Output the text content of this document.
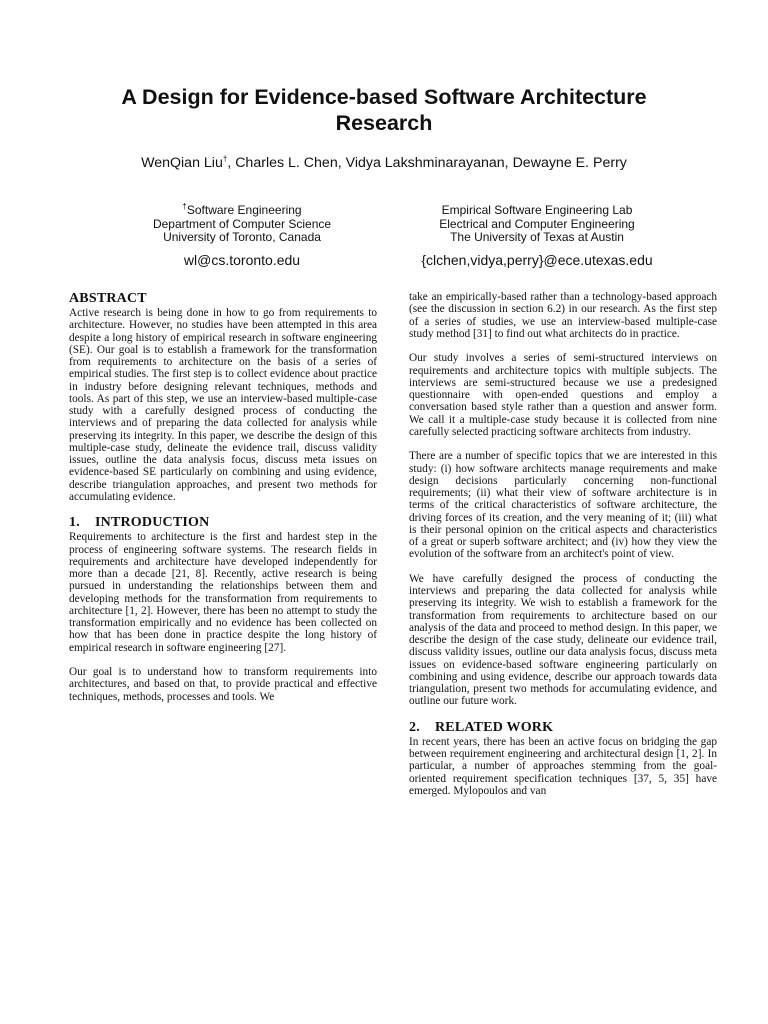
A Design for Evidence-based Software Architecture Research
WenQian Liu†, Charles L. Chen, Vidya Lakshminarayanan, Dewayne E. Perry
†Software Engineering
Department of Computer Science
University of Toronto, Canada
wl@cs.toronto.edu
Empirical Software Engineering Lab
Electrical and Computer Engineering
The University of Texas at Austin
{clchen,vidya,perry}@ece.utexas.edu
ABSTRACT

Active research is being done in how to go from requirements to architecture. However, no studies have been attempted in this area despite a long history of empirical research in software engineering (SE). Our goal is to establish a framework for the transformation from requirements to architecture on the basis of a series of empirical studies. The first step is to collect evidence about practice in industry before designing relevant techniques, methods and tools. As part of this step, we use an interview-based multiple-case study with a carefully designed process of conducting the interviews and of preparing the data collected for analysis while preserving its integrity. In this paper, we describe the design of this multiple-case study, delineate the evidence trail, discuss validity issues, outline the data analysis focus, discuss meta issues on evidence-based SE particularly on combining and using evidence, describe triangulation approaches, and present two methods for accumulating evidence.

1. INTRODUCTION

Requirements to architecture is the first and hardest step in the process of engineering software systems. The research fields in requirements and architecture have developed independently for more than a decade [21, 8]. Recently, active research is being pursued in understanding the relationships between them and developing methods for the transformation from requirements to architecture [1, 2]. However, there has been no attempt to study the transformation empirically and no evidence has been collected on how that has been done in practice despite the long history of empirical research in software engineering [27].

Our goal is to understand how to transform requirements into architectures, and based on that, to provide practical and effective techniques, methods, processes and tools. We

take an empirically-based rather than a technology-based approach (see the discussion in section 6.2) in our research. As the first step of a series of studies, we use an interview-based multiple-case study method [31] to find out what architects do in practice.

Our study involves a series of semi-structured interviews on requirements and architecture topics with multiple subjects. The interviews are semi-structured because we use a predesigned questionnaire with open-ended questions and employ a conversation based style rather than a question and answer form. We call it a multiple-case study because it is collected from nine carefully selected practicing software architects from industry.

There are a number of specific topics that we are interested in this study: (i) how software architects manage requirements and make design decisions particularly concerning non-functional requirements; (ii) what their view of software architecture is in terms of the critical characteristics of software architecture, the driving forces of its creation, and the very meaning of it; (iii) what is their personal opinion on the critical aspects and characteristics of a great or superb software architect; and (iv) how they view the evolution of the software from an architect's point of view.

We have carefully designed the process of conducting the interviews and preparing the data collected for analysis while preserving its integrity. We wish to establish a framework for the transformation from requirements to architecture based on our analysis of the data and proceed to method design. In this paper, we describe the design of the case study, delineate our evidence trail, discuss validity issues, outline our data analysis focus, discuss meta issues on evidence-based software engineering particularly on combining and using evidence, describe our approach towards data triangulation, present two methods for accumulating evidence, and outline our future work.

2. RELATED WORK

In recent years, there has been an active focus on bridging the gap between requirement engineering and architectural design [1, 2]. In particular, a number of approaches stemming from the goal-oriented requirement specification techniques [37, 5, 35] have emerged. Mylopoulos and van
